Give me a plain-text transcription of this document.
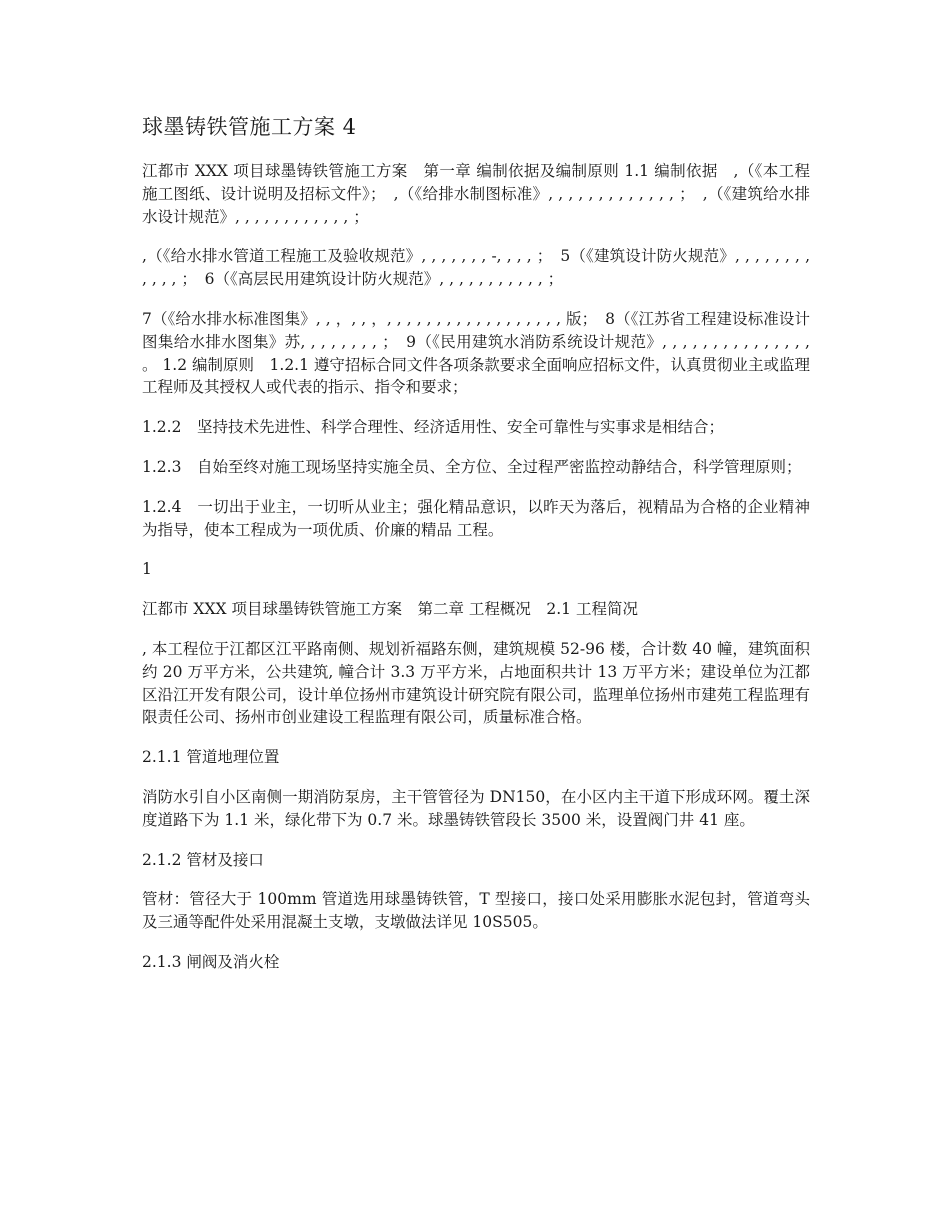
球墨铸铁管施工方案 4

江都市 XXX 项目球墨铸铁管施工方案　第一章 编制依据及编制原则 1.1 编制依据　,（《本工程施工图纸、设计说明及招标文件》；　,（《给排水制图标准》, , , , , , , , , , , , , ；　,（《建筑给水排水设计规范》, , , , , , , , , , , , ；

,（《给水排水管道工程施工及验收规范》, , , , , , , -, , , , ；　5（《建筑设计防火规范》, , , , , , , , , , , , ；　6（《高层民用建筑设计防火规范》, , , , , , , , , , , ；

7（《给水排水标准图集》, , ，, , ，, , , , , , , , , , , , , , , , , , 版；　8（《江苏省工程建设标准设计图集给水排水图集》苏, , , , , , , , ；　9（《民用建筑水消防系统设计规范》, , , , , , , , , , , , , , , 。 1.2 编制原则　1.2.1 遵守招标合同文件各项条款要求全面响应招标文件，认真贯彻业主或监理工程师及其授权人或代表的指示、指令和要求；

1.2.2　坚持技术先进性、科学合理性、经济适用性、安全可靠性与实事求是相结合；

1.2.3　自始至终对施工现场坚持实施全员、全方位、全过程严密监控动静结合，科学管理原则；

1.2.4　一切出于业主，一切听从业主；强化精品意识，以昨天为落后，视精品为合格的企业精神为指导，使本工程成为一项优质、价廉的精品 工程。

1

江都市 XXX 项目球墨铸铁管施工方案　第二章 工程概况　2.1 工程简况

, 本工程位于江都区江平路南侧、规划祈福路东侧，建筑规模 52-96 楼，合计数 40 幢，建筑面积约 20 万平方米，公共建筑, 幢合计 3.3 万平方米，占地面积共计 13 万平方米；建设单位为江都区沿江开发有限公司，设计单位扬州市建筑设计研究院有限公司，监理单位扬州市建苑工程监理有限责任公司、扬州市创业建设工程监理有限公司，质量标准合格。

2.1.1 管道地理位置

消防水引自小区南侧一期消防泵房，主干管管径为 DN150，在小区内主干道下形成环网。覆土深度道路下为 1.1 米，绿化带下为 0.7 米。球墨铸铁管段长 3500 米，设置阀门井 41 座。

2.1.2 管材及接口

管材：管径大于 100mm 管道选用球墨铸铁管，T 型接口，接口处采用膨胀水泥包封，管道弯头及三通等配件处采用混凝土支墩，支墩做法详见 10S505。

2.1.3 闸阀及消火栓
